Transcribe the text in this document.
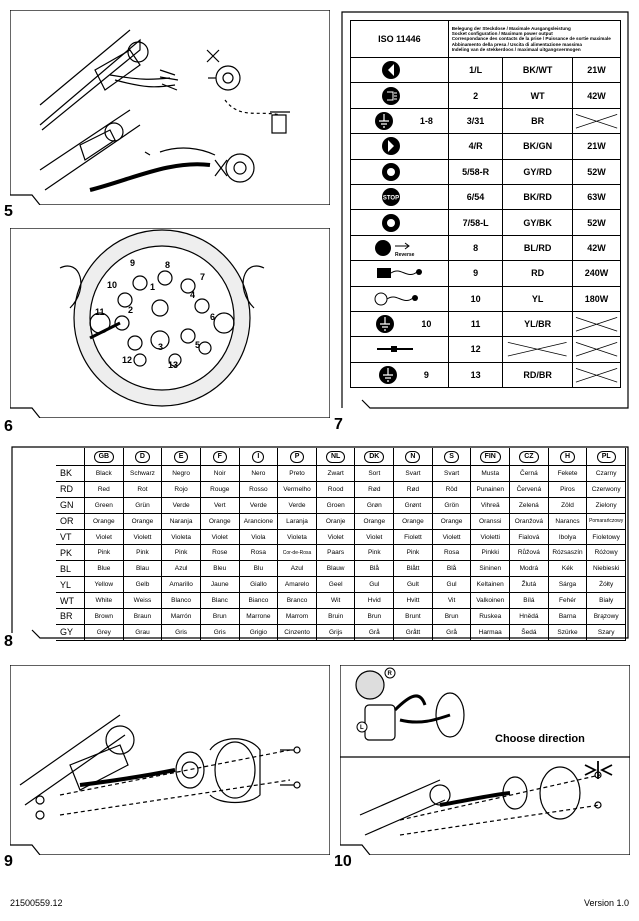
5
9	8
7
10	1
11	6
2
5
3
12	13
4
6	7
ISO 11446	Belegung der Steckdose / Maximale Ausgangsleistung
Socket configuration / Maximum power output
Correspondance des contacts de la prise / Puissance de sortie maximale
Abbinamento della presa / Uscita di alimentazione massima
Indeling van de stekkerdoos / maximaal uitgangsvermogen		

	1/L	BK/WT	21W

	2	WT	42W

1-8	3/31	BR	

	4/R	BK/GN	21W

	5/58-R	GY/RD	52W

STOP	6/54	BK/RD	63W

	7/58-L	GY/BK	52W

Reverse	8	BL/RD	42W

	9	RD	240W

	10	YL	180W

10	11	YL/BR	

	12	

9	13	RD/BR	
8
	GB	D	E	F	I	P	NL	DK	N	S	FIN	CZ	H	PL
BK	Black	Schwarz	Negro	Noir	Nero	Preto	Zwart	Sort	Svart	Svart	Musta	Černá	Fekete	Czarny
RD	Red	Rot	Rojo	Rouge	Rosso	Vermelho	Rood	Rød	Rød	Röd	Punainen	Červená	Piros	Czerwony
GN	Green	Grün	Verde	Vert	Verde	Verde	Groen	Grøn	Grønt	Grön	Vihreä	Zelená	Zöld	Zielony
OR	Orange	Orange	Naranja	Orange	Arancione	Laranja	Oranje	Orange	Orange	Orange	Oranssi	Oranžová	Narancs	Pomarańczowy
VT	Violet	Violett	Violeta	Violet	Viola	Violeta	Violet	Violet	Fiolett	Violett	Violetti	Fialová	Ibolya	Fioletowy
PK	Pink	Pink	Pink	Rose	Rosa	Cor-de-Rosa	Paars	Pink	Pink	Rosa	Pinkki	Růžová	Rózsaszín	Różowy
BL	Blue	Blau	Azul	Bleu	Blu	Azul	Blauw	Blå	Blått	Blå	Sininen	Modrá	Kék	Niebieski
YL	Yellow	Gelb	Amarillo	Jaune	Giallo	Amarelo	Geel	Gul	Gult	Gul	Keltainen	Žlutá	Sárga	Żółty
WT	White	Weiss	Blanco	Blanc	Bianco	Branco	Wit	Hvid	Hvitt	Vit	Valkoinen	Bílá	Fehér	Biały
BR	Brown	Braun	Marrón	Brun	Marrone	Marrom	Bruin	Brun	Brunt	Brun	Ruskea	Hnědá	Barna	Brązowy
GY	Grey	Grau	Gris	Gris	Grigio	Cinzento	Grijs	Grå	Grått	Grå	Harmaa	Šedá	Szürke	Szary
9
R
L
Choose direction
10
21500559.12	Version 1.0
